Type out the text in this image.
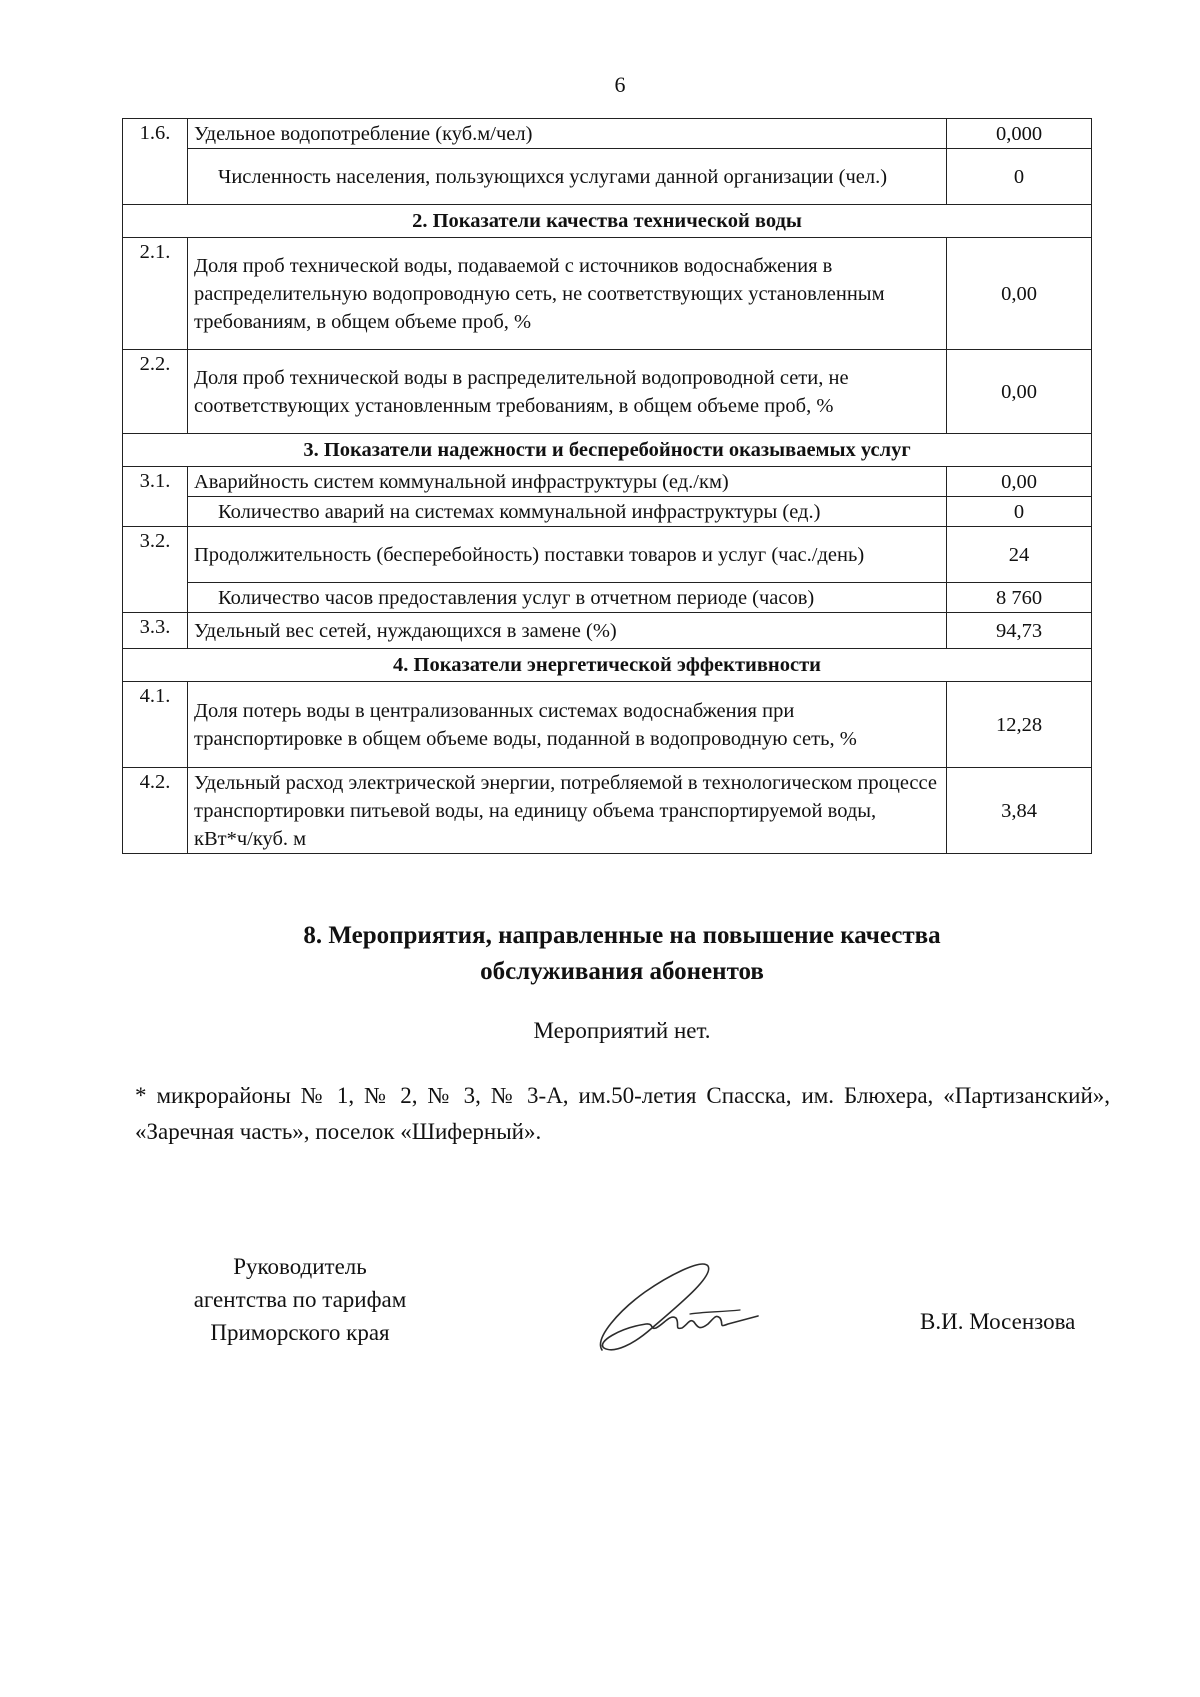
6
1.6.	Удельное водопотребление (куб.м/чел)	0,000
	Численность населения, пользующихся услугами данной организации (чел.)	0
2. Показатели качества технической воды		
2.1.	Доля проб технической воды, подаваемой с источников водоснабжения в распределительную водопроводную сеть, не соответствующих установленным требованиям, в общем объеме проб, %	0,00
2.2.	Доля проб технической воды в распределительной водопроводной сети, не соответствующих установленным требованиям, в общем объеме проб, %	0,00
3. Показатели надежности и бесперебойности оказываемых услуг		
3.1.	Аварийность систем коммунальной инфраструктуры (ед./км)	0,00
	Количество аварий на системах коммунальной инфраструктуры (ед.)	0
3.2.	Продолжительность (бесперебойность) поставки товаров и услуг (час./день)	24
	Количество часов предоставления услуг в отчетном периоде (часов)	8 760
3.3.	Удельный вес сетей, нуждающихся в замене (%)	94,73
4. Показатели энергетической эффективности		
4.1.	Доля потерь воды в централизованных системах водоснабжения при транспортировке в общем объеме воды, поданной в водопроводную сеть, %	12,28
4.2.	Удельный расход электрической энергии, потребляемой в технологическом процессе транспортировки питьевой воды, на единицу объема транспортируемой воды, кВт*ч/куб. м	3,84
8. Мероприятия, направленные на повышение качества
обслуживания абонентов
Мероприятий нет.
* микрорайоны № 1, № 2, № 3, № 3-А, им.50-летия Спасска, им. Блюхера, «Партизанский», «Заречная часть», поселок «Шиферный».
Руководитель
агентства по тарифам
Приморского края	В.И. Мосензова
